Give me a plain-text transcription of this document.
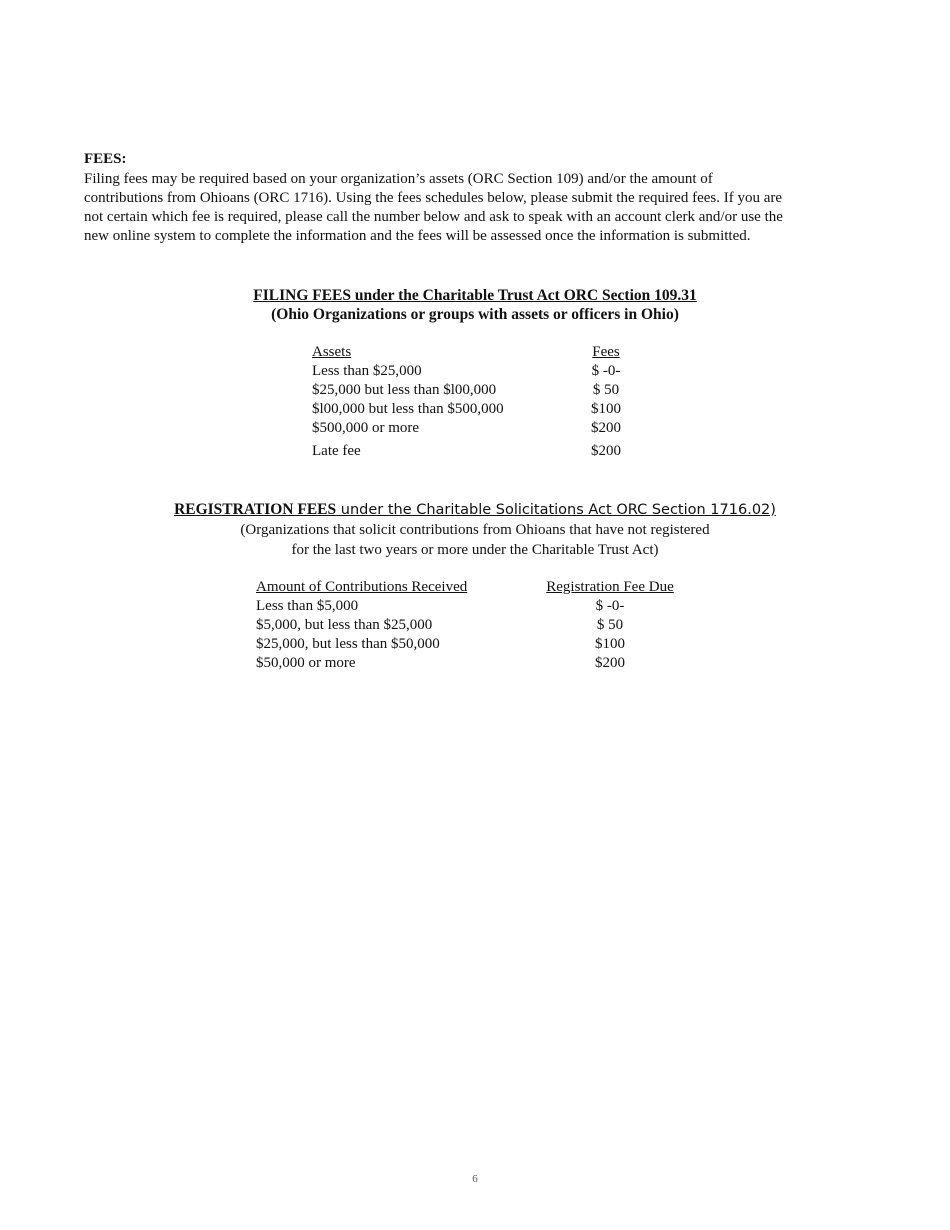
FEES:
Filing fees may be required based on your organization’s assets (ORC Section 109) and/or the amount of
contributions from Ohioans (ORC 1716). Using the fees schedules below, please submit the required fees. If you are
not certain which fee is required, please call the number below and ask to speak with an account clerk and/or use the
new online system to complete the information and the fees will be assessed once the information is submitted.
FILING FEES under the Charitable Trust Act ORC Section 109.31
(Ohio Organizations or groups with assets or officers in Ohio)
Assets	Fees
Less than $25,000	$ -0-
$25,000 but less than $l00,000	$ 50
$l00,000 but less than $500,000	$100
$500,000 or more	$200
Late fee	$200
REGISTRATION FEES under the Charitable Solicitations Act ORC Section 1716.02)
(Organizations that solicit contributions from Ohioans that have not registered
for the last two years or more under the Charitable Trust Act)
Amount of Contributions Received	Registration Fee Due
Less than $5,000	$ -0-
$5,000, but less than $25,000	$ 50
$25,000, but less than $50,000	$100
$50,000 or more	$200
6
